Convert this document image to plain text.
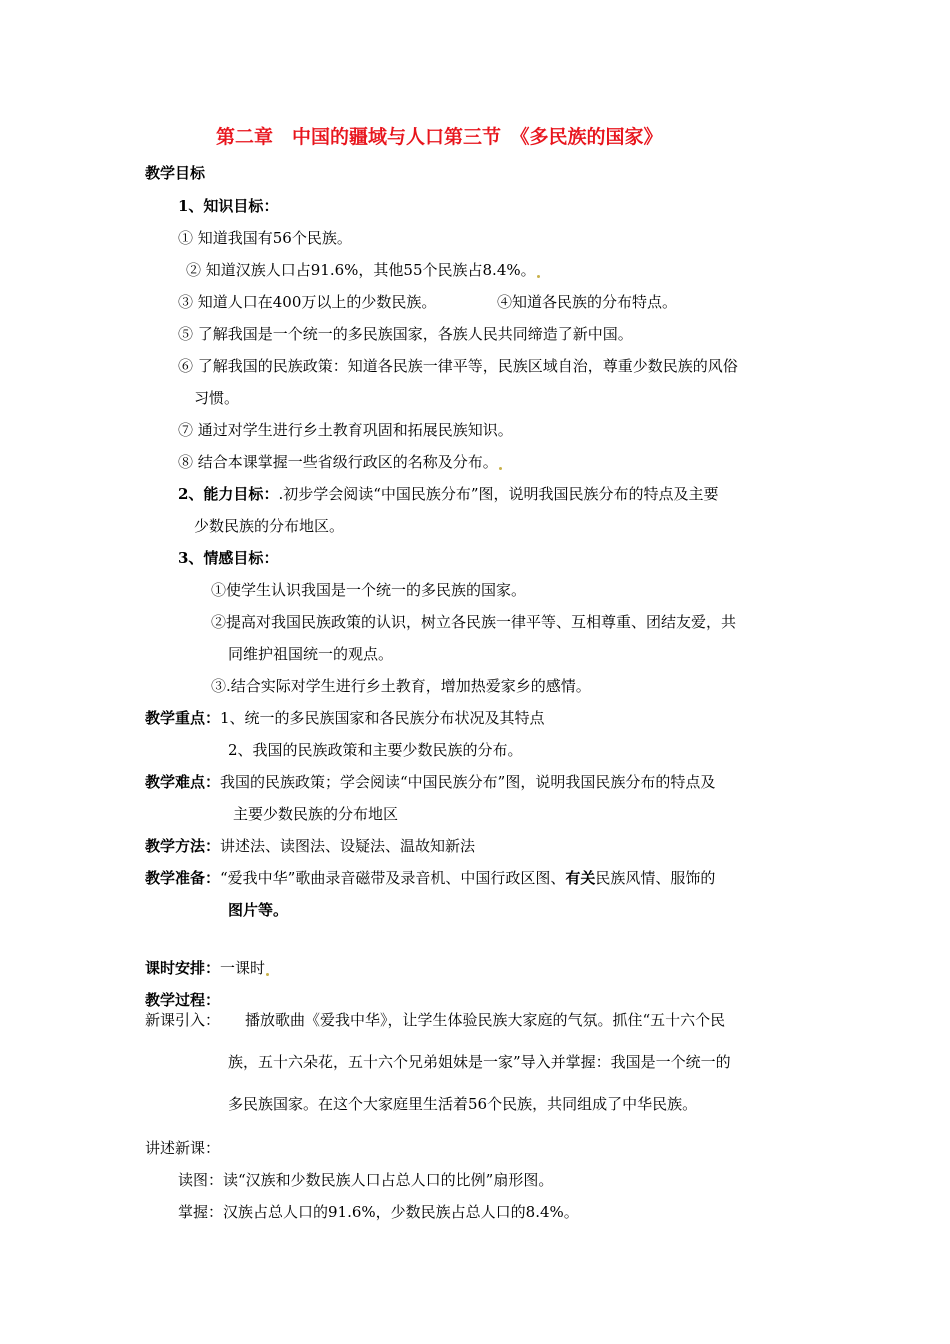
第二章　中国的疆域与人口第三节　《多民族的国家》
教学目标
1、知识目标：
① 知道我国有56个民族。
② 知道汉族人口占91.6%，其他55个民族占8.4%。
③ 知道人口在400万以上的少数民族。	④知道各民族的分布特点。
⑤ 了解我国是一个统一的多民族国家，各族人民共同缔造了新中国。
⑥ 了解我国的民族政策：知道各民族一律平等，民族区域自治，尊重少数民族的风俗
习惯。
⑦ 通过对学生进行乡土教育巩固和拓展民族知识。
⑧ 结合本课掌握一些省级行政区的名称及分布。
2、能力目标：.初步学会阅读“中国民族分布”图，说明我国民族分布的特点及主要
少数民族的分布地区。
3、情感目标：
①使学生认识我国是一个统一的多民族的国家。
②提高对我国民族政策的认识，树立各民族一律平等、互相尊重、团结友爱，共
同维护祖国统一的观点。
③.结合实际对学生进行乡土教育，增加热爱家乡的感情。
教学重点：1、统一的多民族国家和各民族分布状况及其特点
2、我国的民族政策和主要少数民族的分布。
教学难点：我国的民族政策；学会阅读“中国民族分布”图，说明我国民族分布的特点及
主要少数民族的分布地区
教学方法：讲述法、读图法、设疑法、温故知新法
教学准备：“爱我中华”歌曲录音磁带及录音机、中国行政区图、有关民族风情、服饰的
图片等。
课时安排：一课时
教学过程：
新课引入： 播放歌曲《爱我中华》，让学生体验民族大家庭的气氛。抓住“五十六个民
族，五十六朵花，五十六个兄弟姐妹是一家”导入并掌握：我国是一个统一的
多民族国家。在这个大家庭里生活着56个民族，共同组成了中华民族。
讲述新课：
读图：读“汉族和少数民族人口占总人口的比例”扇形图。
掌握：汉族占总人口的91.6%，少数民族占总人口的8.4%。
